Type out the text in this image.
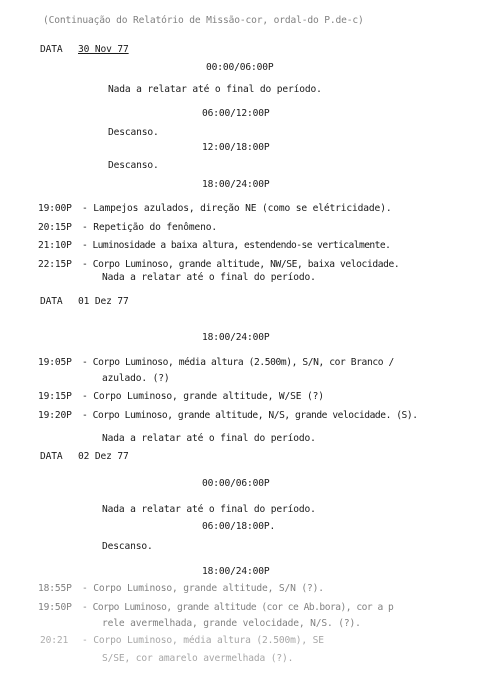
(Continuação do Relatório de Missão-cor, ordal-do P.de-c)
DATA 30 Nov 77
00:00/06:00P
Nada a relatar até o final do período.
06:00/12:00P
Descanso.
12:00/18:00P
Descanso.
18:00/24:00P
19:00P - Lampejos azulados, direção NE (como se elétricidade).
20:15P - Repetição do fenômeno.
21:10P - Luminosidade a baixa altura, estendendo-se verticalmente.
22:15P - Corpo Luminoso, grande altitude, NW/SE, baixa velocidade.
Nada a relatar até o final do período.
DATA 01 Dez 77
18:00/24:00P
19:05P - Corpo Luminoso, média altura (2.500m), S/N, cor Branco /
azulado. (?)
19:15P - Corpo Luminoso, grande altitude, W/SE (?)
19:20P - Corpo Luminoso, grande altitude, N/S, grande velocidade. (S).
Nada a relatar até o final do período.
DATA 02 Dez 77
00:00/06:00P
Nada a relatar até o final do período.
06:00/18:00P.
Descanso.
18:00/24:00P
18:55P - Corpo Luminoso, grande altitude, S/N (?).
19:50P - Corpo Luminoso, grande altitude (cor ce Ab.bora), cor a p
rele avermelhada, grande velocidade, N/S. (?).
20:21 - Corpo Luminoso, média altura (2.500m), SE
S/SE, cor amarelo avermelhada (?).
